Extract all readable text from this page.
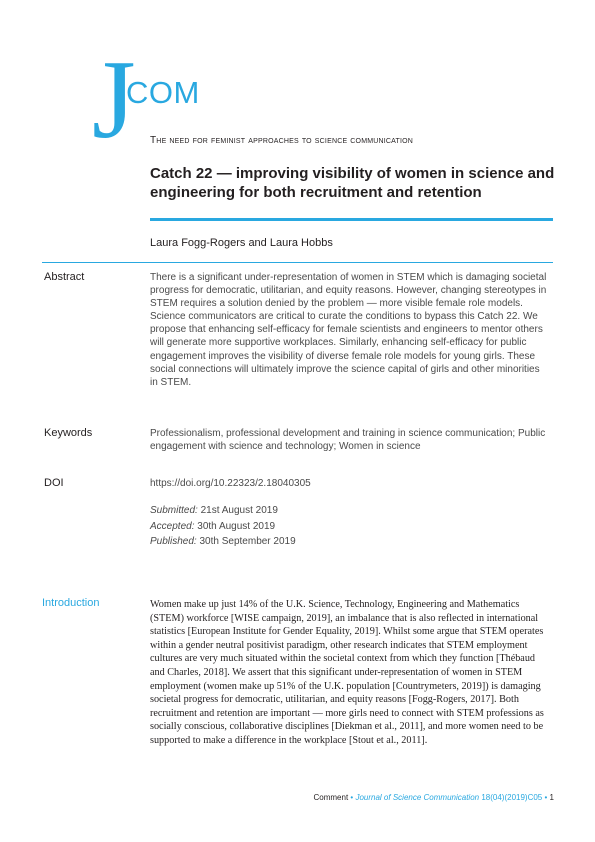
J
COM
The need for feminist approaches to science communication
Catch 22 — improving visibility of women in science and engineering for both recruitment and retention
Laura Fogg-Rogers and Laura Hobbs
Abstract	There is a significant under-representation of women in STEM which is damaging societal progress for democratic, utilitarian, and equity reasons. However, changing stereotypes in STEM requires a solution denied by the problem — more visible female role models. Science communicators are critical to curate the conditions to bypass this Catch 22. We propose that enhancing self-efficacy for female scientists and engineers to mentor others will generate more supportive workplaces. Similarly, enhancing self-efficacy for public engagement improves the visibility of diverse female role models for young girls. These social connections will ultimately improve the science capital of girls and other minorities in STEM.
Keywords	Professionalism, professional development and training in science communication; Public engagement with science and technology; Women in science
DOI	https://doi.org/10.22323/2.18040305
Submitted: 21st August 2019
Accepted: 30th August 2019
Published: 30th September 2019
Introduction	Women make up just 14% of the U.K. Science, Technology, Engineering and Mathematics (STEM) workforce [WISE campaign, 2019], an imbalance that is also reflected in international statistics [European Institute for Gender Equality, 2019]. Whilst some argue that STEM operates within a gender neutral positivist paradigm, other research indicates that STEM employment cultures are very much situated within the societal context from which they function [Thébaud and Charles, 2018]. We assert that this significant under-representation of women in STEM employment (women make up 51% of the U.K. population [Countrymeters, 2019]) is damaging societal progress for democratic, utilitarian, and equity reasons [Fogg-Rogers, 2017]. Both recruitment and retention are important — more girls need to connect with STEM professions as socially conscious, collaborative disciplines [Diekman et al., 2011], and more women need to be supported to make a difference in the workplace [Stout et al., 2011].
Comment • Journal of Science Communication 18(04)(2019)C05 • 1
